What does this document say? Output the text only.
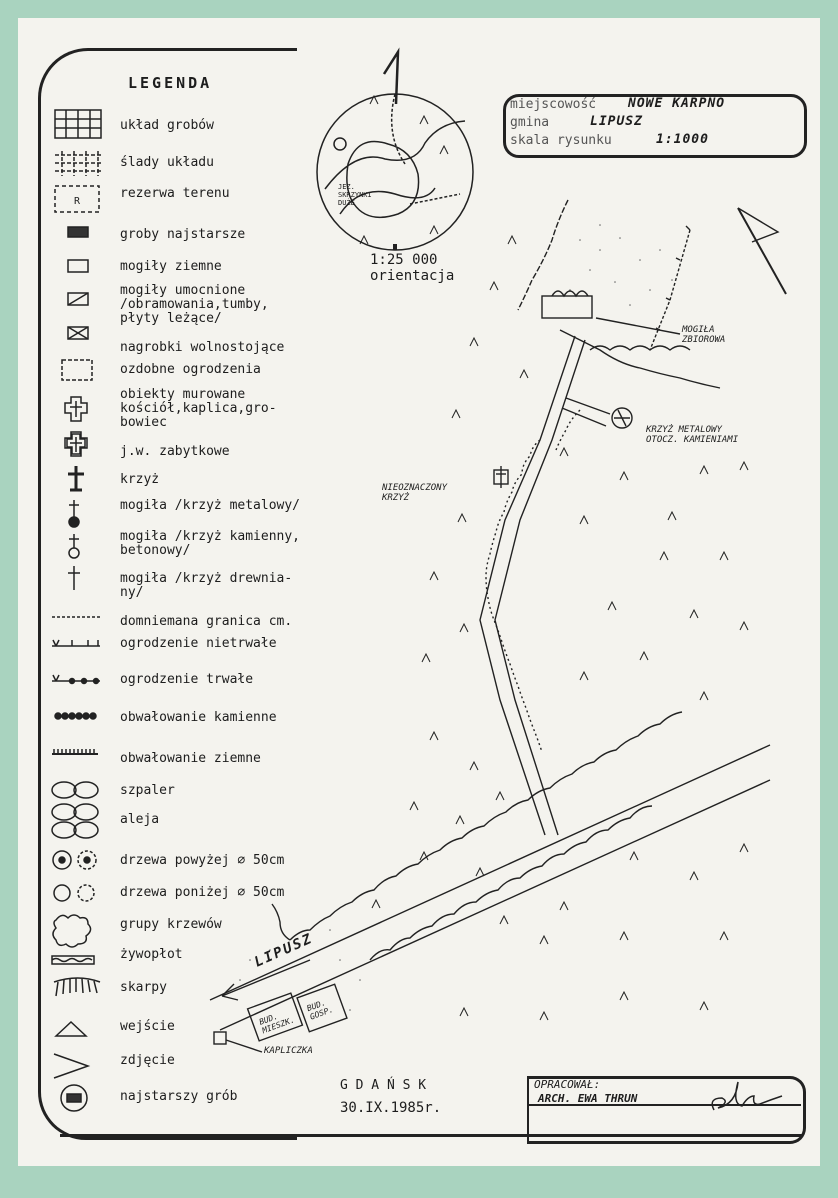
LEGENDA
R
układ grobów
ślady układu
rezerwa terenu
groby najstarsze
mogiły ziemne
mogiły umocnione
/obramowania,tumby,
płyty leżące/
nagrobki wolnostojące
ozdobne ogrodzenia
obiekty murowane
kościół,kaplica,gro-
bowiec
j.w. zabytkowe
krzyż
mogiła /krzyż metalowy/
mogiła /krzyż kamienny,
betonowy/
mogiła /krzyż drewnia-
ny/
domniemana granica cm.
ogrodzenie nietrwałe
ogrodzenie trwałe
obwałowanie kamienne
obwałowanie ziemne
szpaler
aleja
drzewa powyżej ∅ 50cm
drzewa poniżej ∅ 50cm
grupy krzewów
żywopłot
skarpy
wejście
zdjęcie
najstarszy grób
JEZ.
SKRZYNKI
DUŻE
1:25 000
orientacja
miejscowość NOWE KARPNO
gmina	LIPUSZ
skala rysunku	1:1000
MOGIŁA
ZBIOROWA
KRZYŻ METALOWY
OTOCZ. KAMIENIAMI
NIEOZNACZONY
KRZYŻ
LIPUSZ
BUD.
MIESZK.
BUD.
GOSP.
KAPLICZKA
G D A Ń S K
30.IX.1985r.
OPRACOWAŁ:
ARCH. EWA THRUN
